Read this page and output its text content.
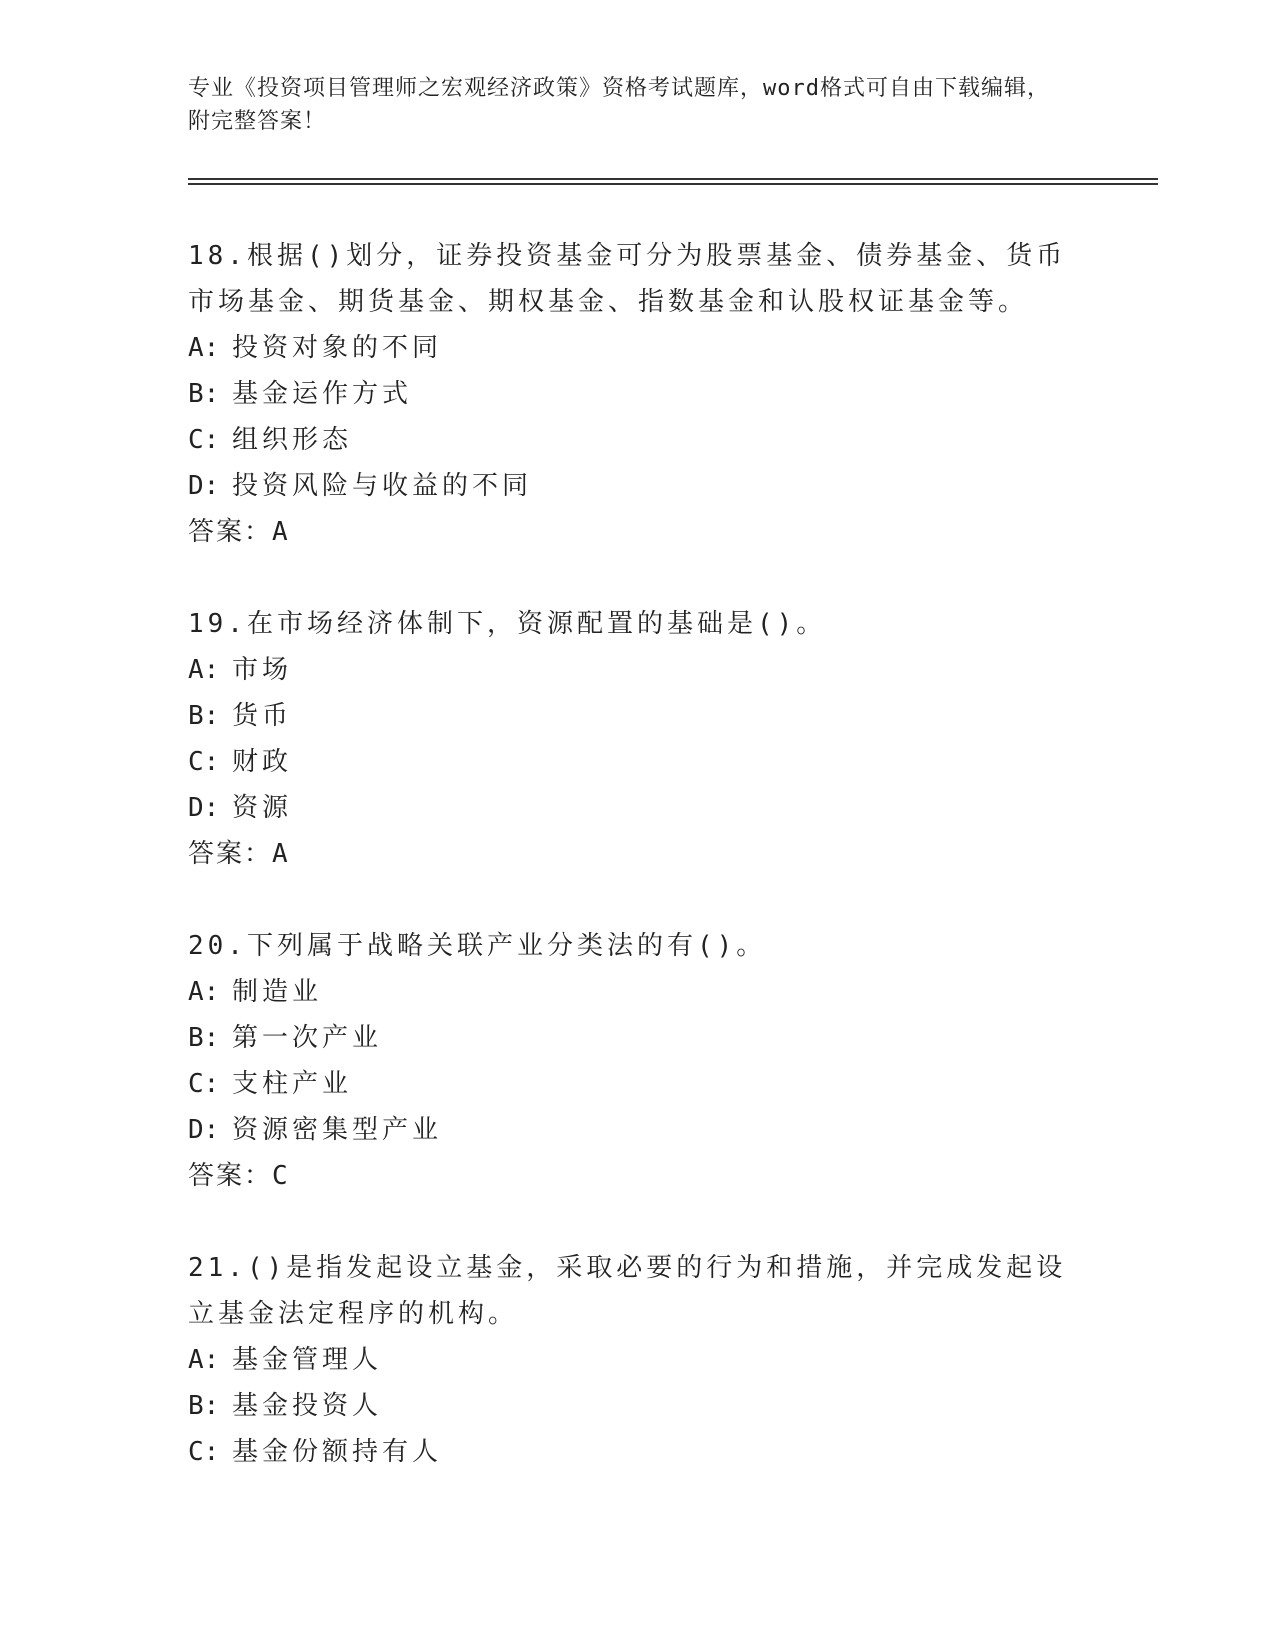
专业《投资项目管理师之宏观经济政策》资格考试题库，word格式可自由下载编辑，附完整答案！

18.根据()划分，证券投资基金可分为股票基金、债券基金、货币市场基金、期货基金、期权基金、指数基金和认股权证基金等。

A: 投资对象的不同
B: 基金运作方式
C: 组织形态
D: 投资风险与收益的不同
答案：A

19.在市场经济体制下，资源配置的基础是()。

A: 市场
B: 货币
C: 财政
D: 资源
答案：A

20.下列属于战略关联产业分类法的有()。

A: 制造业
B: 第一次产业
C: 支柱产业
D: 资源密集型产业
答案：C

21.()是指发起设立基金，采取必要的行为和措施，并完成发起设立基金法定程序的机构。

A: 基金管理人
B: 基金投资人
C: 基金份额持有人
